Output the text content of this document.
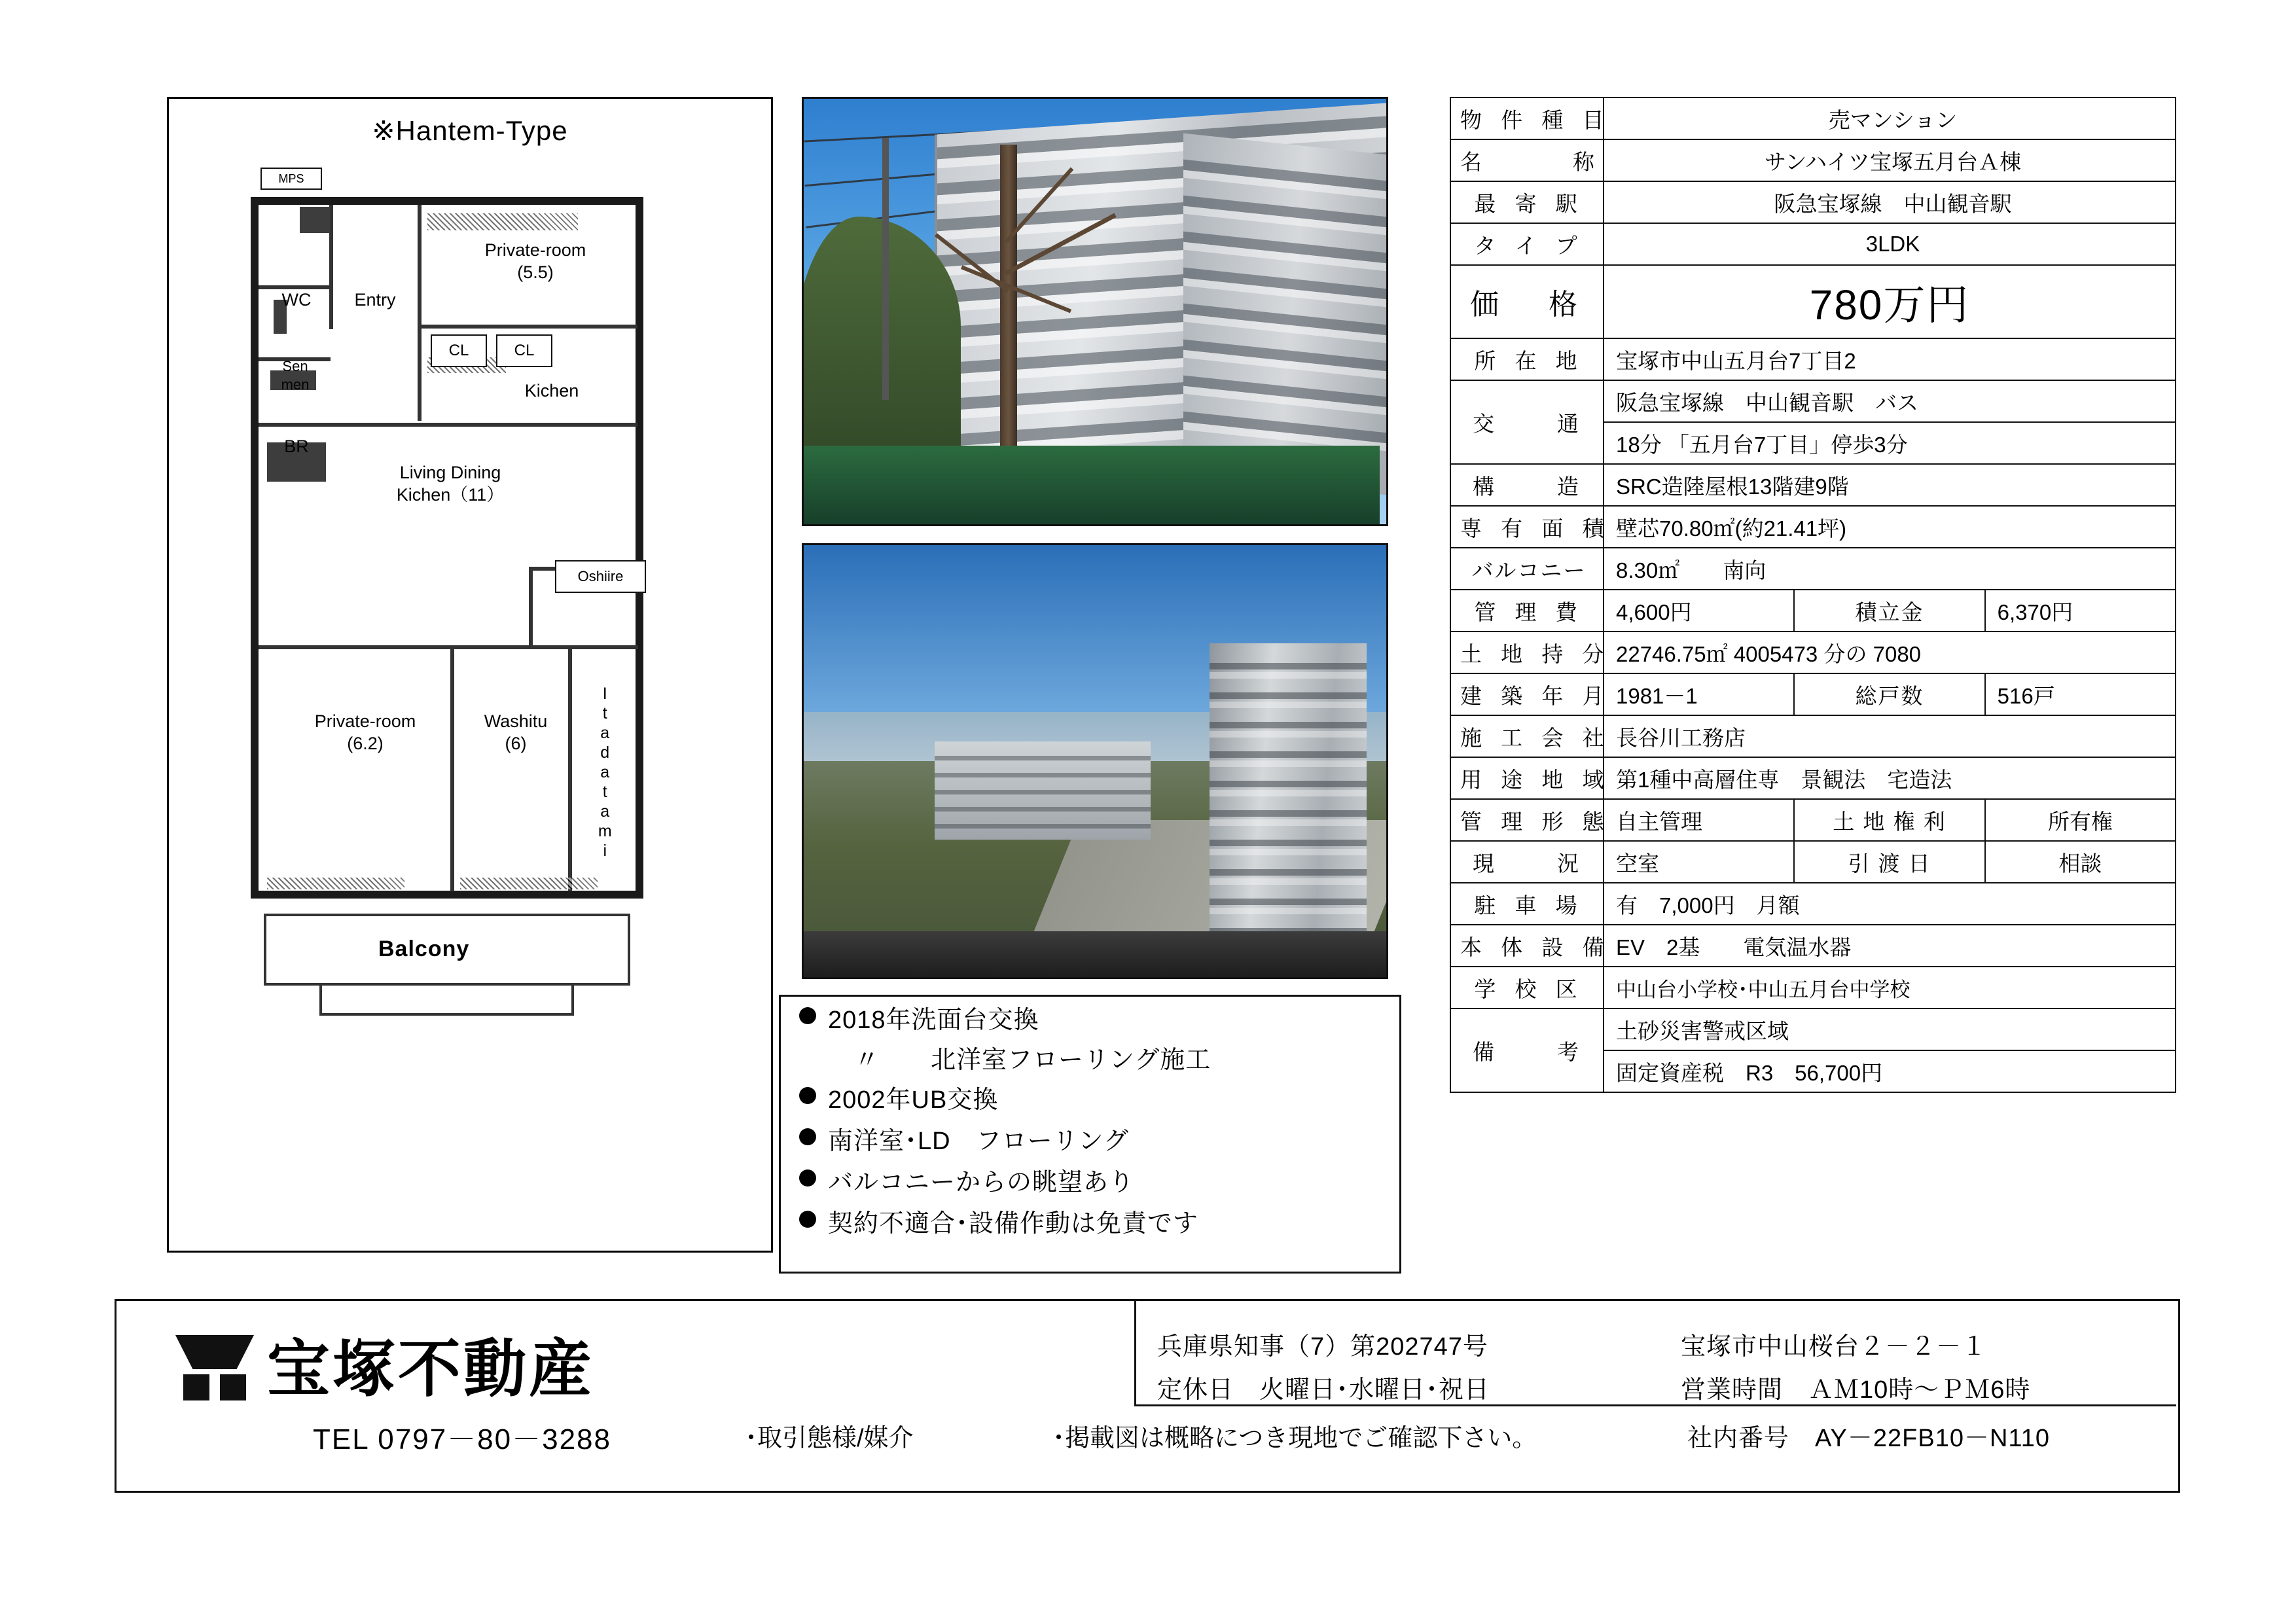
※Hantem-Type
MPS
CL	CL
Oshiire
WC	Entry
Sen
men
BR
Private-room
(5.5)
Kichen
Living Dining
Kichen（11）
Private-room
(6.2)
Washitu
(6)	Itadatami
Balcony
2018年洗面台交換
〃　　北洋室フローリング施工
2002年UB交換
南洋室･LD　フローリング
バルコニーからの眺望あり
契約不適合･設備作動は免責です
物 件 種 目	売マンション		
名　　　称	サンハイツ宝塚五月台Ａ棟		
最 寄 駅	阪急宝塚線　中山観音駅		
タ イ プ	3LDK		
価　格	780万円		
所 在 地	宝塚市中山五月台7丁目2		
交　　通	阪急宝塚線　中山観音駅　バス		
	18分 「五月台7丁目」停歩3分		
構　　造	SRC造陸屋根13階建9階		
専 有 面 積	壁芯70.80㎡(約21.41坪)		
バルコニー	8.30㎡　　南向		
管 理 費	4,600円	積立金	6,370円
土 地 持 分	22746.75㎡ 4005473 分の 7080		
建 築 年 月	1981－1	総戸数	516戸
施 工 会 社	長谷川工務店		
用 途 地 域	第1種中高層住専　景観法　宅造法		
管 理 形 態	自主管理	土 地 権 利	所有権
現　　況	空室	引 渡 日	相談
駐 車 場	有　7,000円　月額		
本 体 設 備	EV　2基　　電気温水器		
学 校 区	中山台小学校･中山五月台中学校		
備　　考	土砂災害警戒区域		
	固定資産税　R3　56,700円		
宝塚不動産
TEL 0797－80－3288	･取引態様/媒介	･掲載図は概略につき現地でご確認下さい。
兵庫県知事（7）第202747号	宝塚市中山桜台２－２－１
定休日　火曜日･水曜日･祝日	営業時間　ＡＭ10時～ＰＭ6時
社内番号　AY－22FB10－N110
